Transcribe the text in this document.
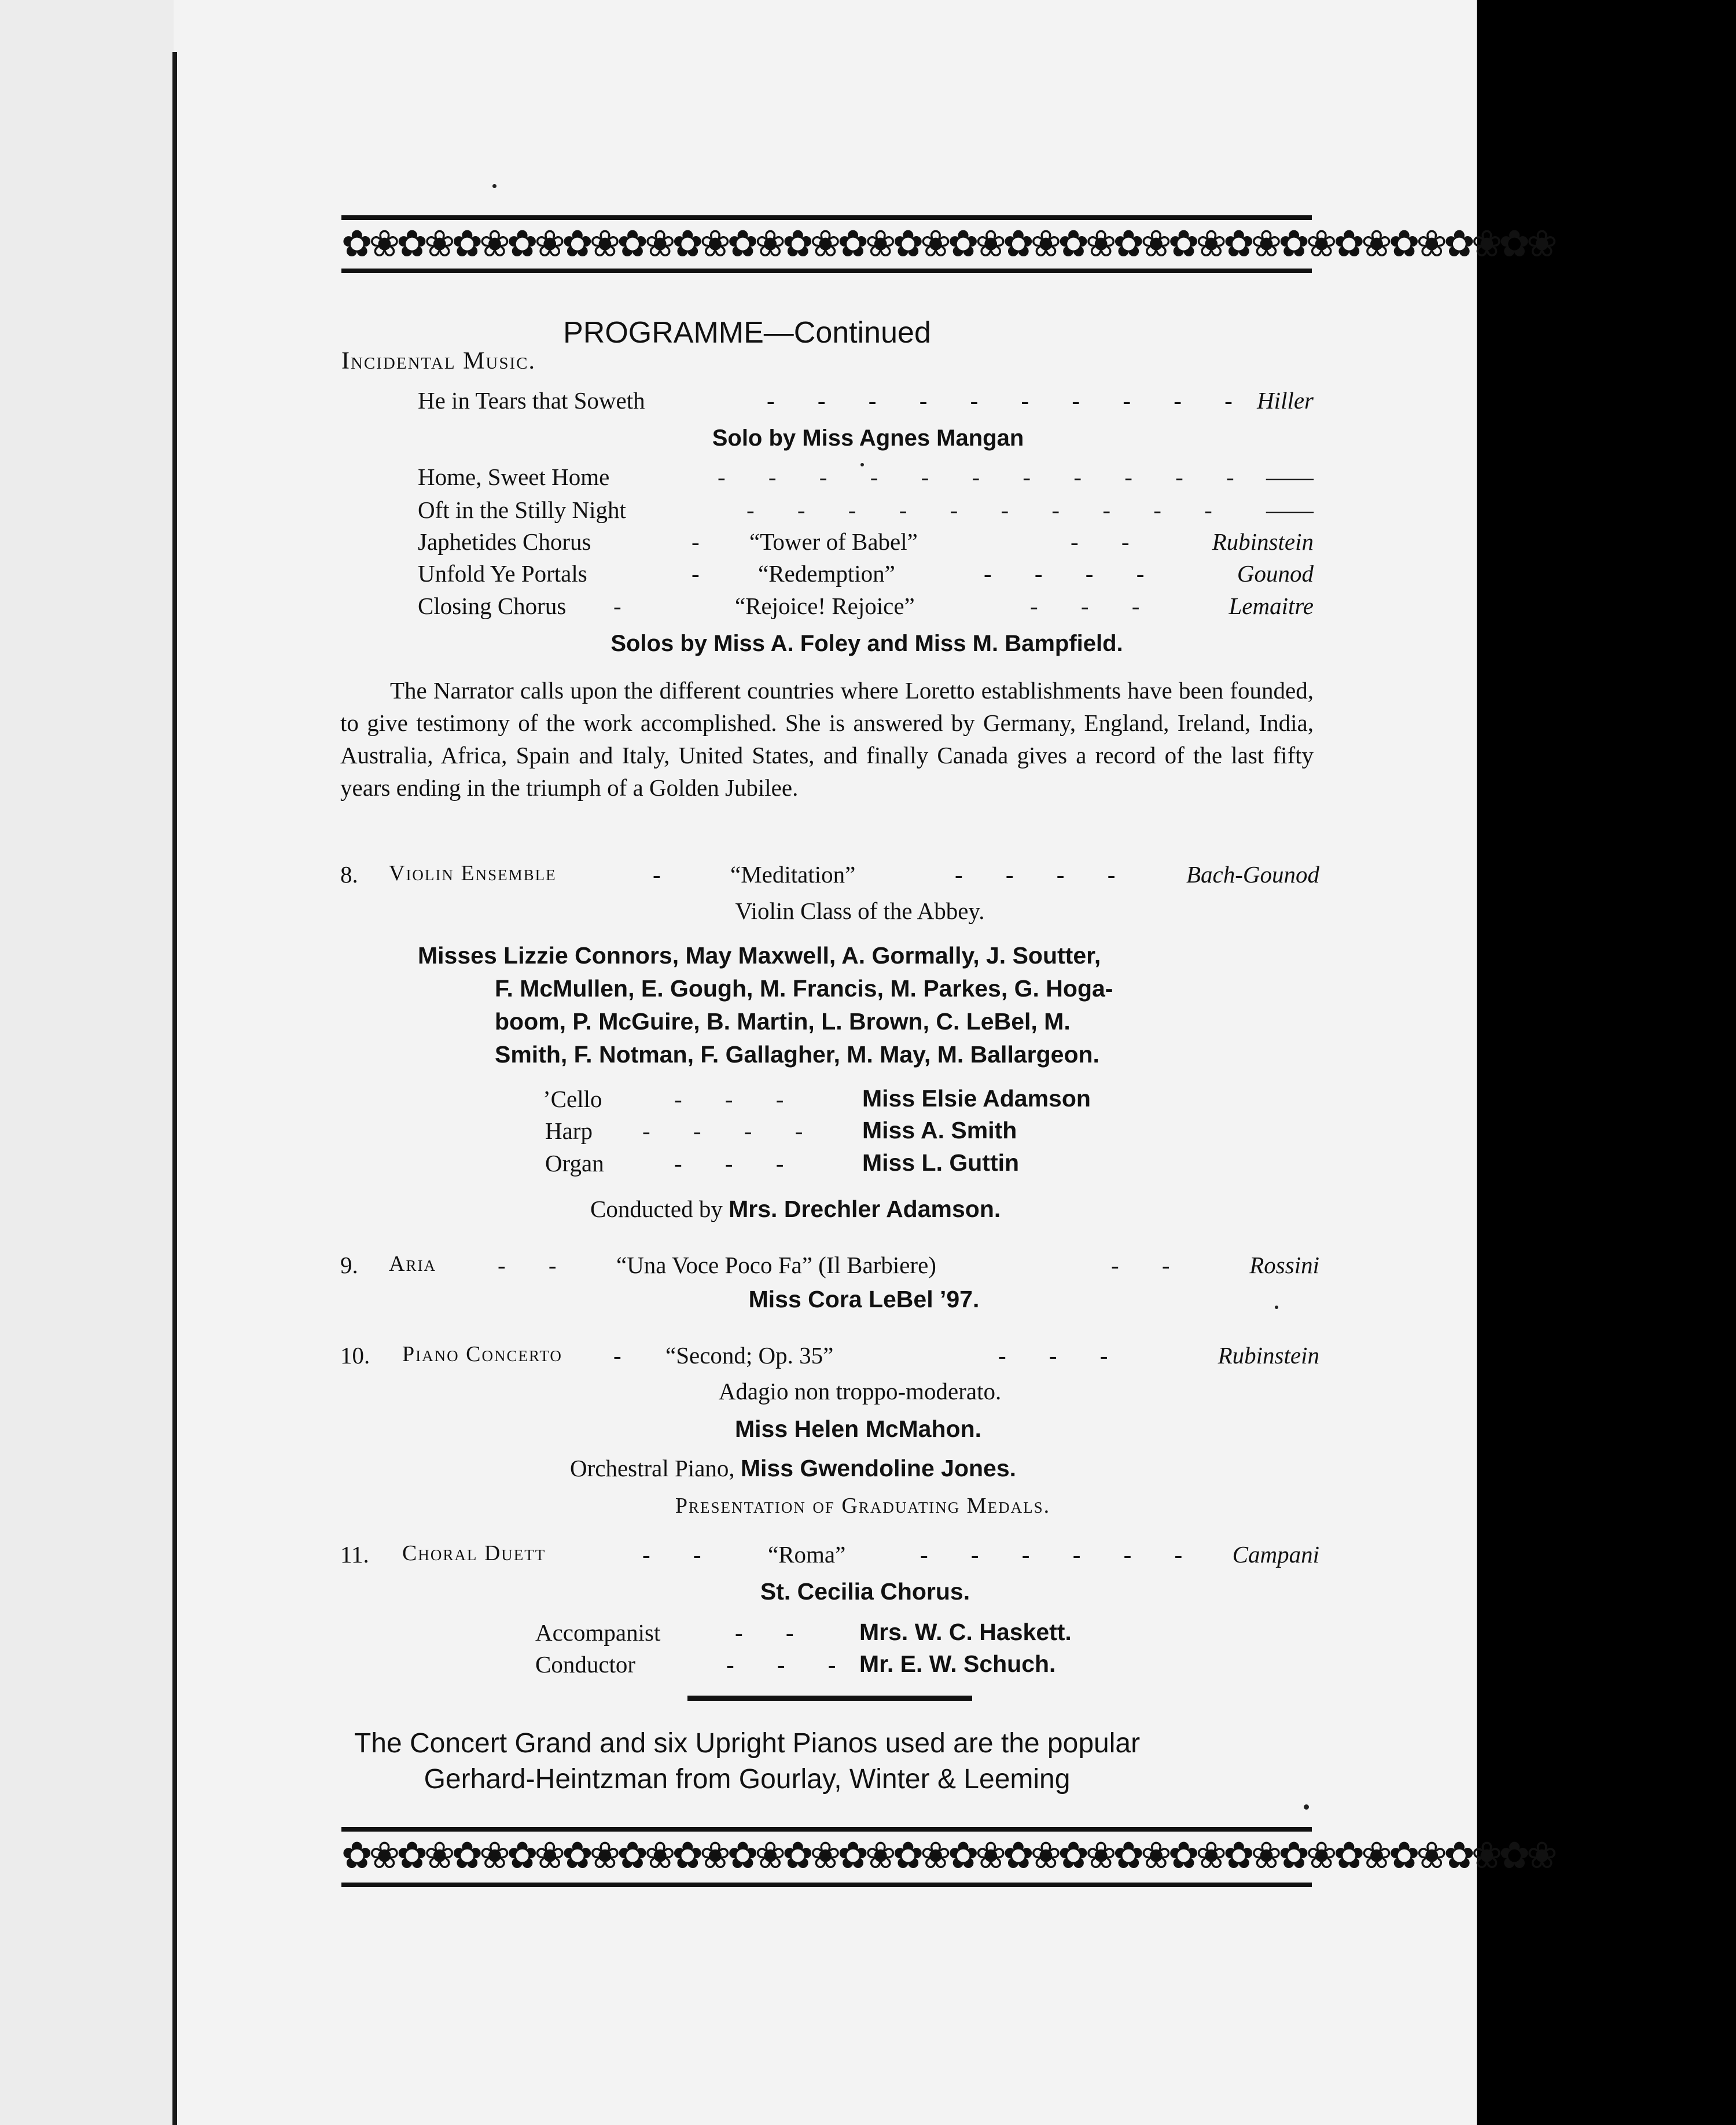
✿❀✿❀✿❀✿❀✿❀✿❀✿❀✿❀✿❀✿❀✿❀✿❀✿❀✿❀✿❀✿❀✿❀✿❀✿❀✿❀✿❀✿❀
PROGRAMME—Continued
Incidental Music.
He in Tears that Soweth	- - - - - - - - - - Hiller
Solo by Miss Agnes Mangan
Home, Sweet Home	- - - - - - - - - - - ——
Oft in the Stilly Night	- - - - - - - - - - ——
Japhetides Chorus	- “Tower of Babel”	- -	Rubinstein
Unfold Ye Portals	- “Redemption”	- - - -	Gounod
Closing Chorus -	“Rejoice! Rejoice”	- - -	Lemaitre
Solos by Miss A. Foley and Miss M. Bampfield.
The Narrator calls upon the different countries where Loretto establishments have been founded, to give testimony of the work accomplished. She is answered by Germany, England, Ireland, India, Australia, Africa, Spain and Italy, United States, and finally Canada gives a record of the last fifty years ending in the triumph of a Golden Jubilee.
8. Violin Ensemble	- “Meditation”	- - - - Bach-Gounod
Violin Class of the Abbey.
Misses Lizzie Connors, May Maxwell, A. Gormally, J. Soutter,
F. McMullen, E. Gough, M. Francis, M. Parkes, G. Hoga-
boom, P. McGuire, B. Martin, L. Brown, C. LeBel, M.
Smith, F. Notman, F. Gallagher, M. May, M. Ballargeon.
’Cello	- - -	Miss Elsie Adamson
Harp - - - - Miss A. Smith
Organ	- - -	Miss L. Guttin
Conducted by Mrs. Drechler Adamson.
9. Aria	- - “Una Voce Poco Fa” (Il Barbiere)	- -	Rossini
Miss Cora LeBel ’97.
10. Piano Concerto - “Second; Op. 35”	- - -	Rubinstein
Adagio non troppo-moderato.
Miss Helen McMahon.
Orchestral Piano, Miss Gwendoline Jones.
Presentation of Graduating Medals.
11. Choral Duett	- - “Roma”	- - - - - - Campani
St. Cecilia Chorus.
Accompanist	- - Mrs. W. C. Haskett.
Conductor	- - - Mr. E. W. Schuch.
The Concert Grand and six Upright Pianos used are the popular
Gerhard-Heintzman from Gourlay, Winter & Leeming
✿❀✿❀✿❀✿❀✿❀✿❀✿❀✿❀✿❀✿❀✿❀✿❀✿❀✿❀✿❀✿❀✿❀✿❀✿❀✿❀✿❀✿❀
